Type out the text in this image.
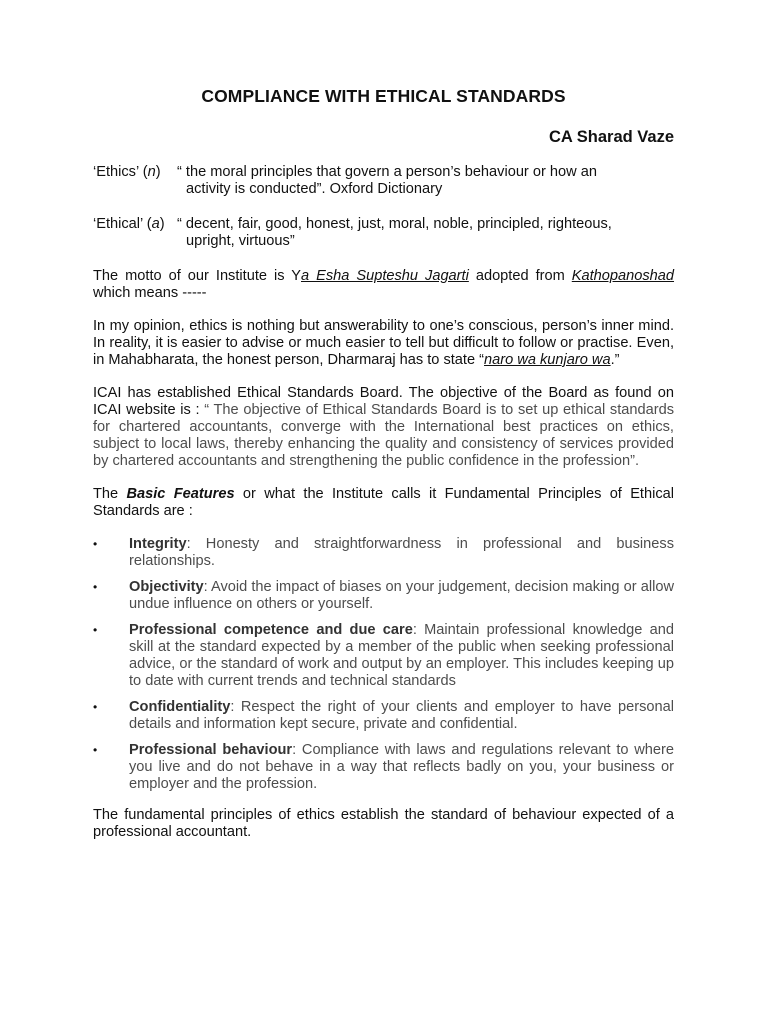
COMPLIANCE WITH ETHICAL STANDARDS
CA Sharad Vaze
‘Ethics’ (n)	“ the moral principles that govern a person’s behaviour or how an
activity is conducted”. Oxford Dictionary
‘Ethical’ (a) “ decent, fair, good, honest, just, moral, noble, principled, righteous,
upright, virtuous”

The motto of our Institute is Ya Esha Supteshu Jagarti adopted from Kathopanoshad which means -----

In my opinion, ethics is nothing but answerability to one’s conscious, person’s inner mind. In reality, it is easier to advise or much easier to tell but difficult to follow or practise. Even, in Mahabharata, the honest person, Dharmaraj has to state “naro wa kunjaro wa.”

ICAI has established Ethical Standards Board. The objective of the Board as found on ICAI website is : “ The objective of Ethical Standards Board is to set up ethical standards for chartered accountants, converge with the International best practices on ethics, subject to local laws, thereby enhancing the quality and consistency of services provided by chartered accountants and strengthening the public confidence in the profession”.

The Basic Features or what the Institute calls it Fundamental Principles of Ethical Standards are :

• Integrity: Honesty and straightforwardness in professional and business relationships.
• Objectivity: Avoid the impact of biases on your judgement, decision making or allow undue influence on others or yourself.
• Professional competence and due care: Maintain professional knowledge and skill at the standard expected by a member of the public when seeking professional advice, or the standard of work and output by an employer. This includes keeping up to date with current trends and technical standards
• Confidentiality: Respect the right of your clients and employer to have personal details and information kept secure, private and confidential.
• Professional behaviour: Compliance with laws and regulations relevant to where you live and do not behave in a way that reflects badly on you, your business or employer and the profession.

The fundamental principles of ethics establish the standard of behaviour expected of a professional accountant.
